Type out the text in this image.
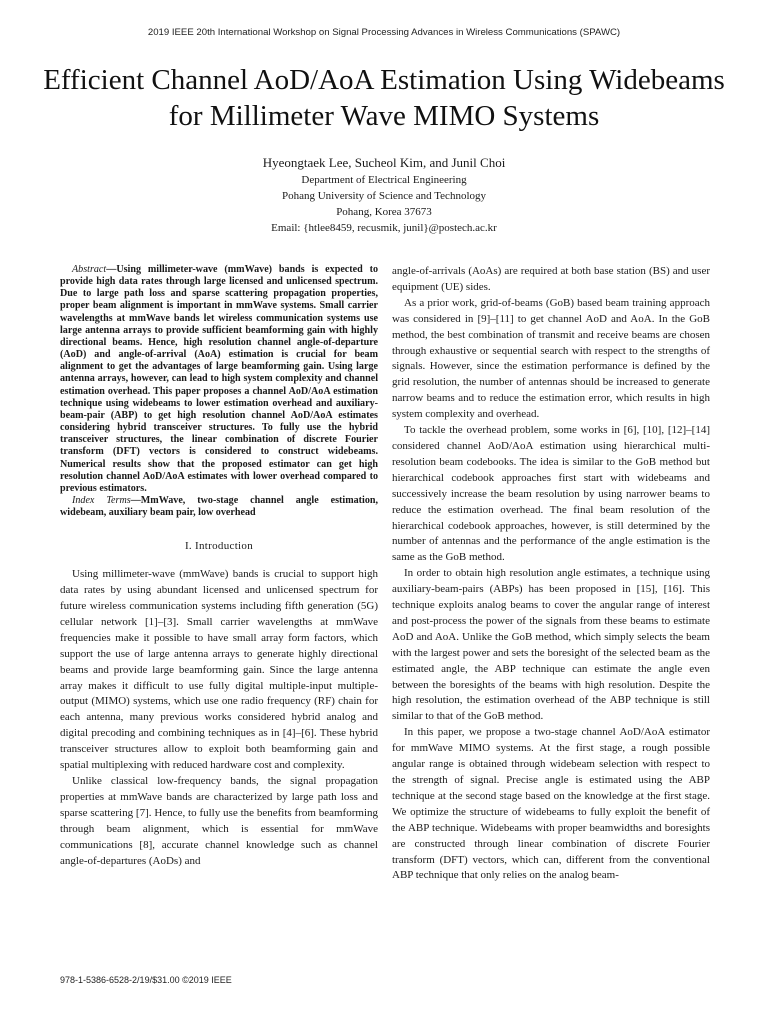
2019 IEEE 20th International Workshop on Signal Processing Advances in Wireless Communications (SPAWC)
Efficient Channel AoD/AoA Estimation Using Widebeams for Millimeter Wave MIMO Systems
Hyeongtaek Lee, Sucheol Kim, and Junil Choi
Department of Electrical Engineering
Pohang University of Science and Technology
Pohang, Korea 37673
Email: {htlee8459, recusmik, junil}@postech.ac.kr

Abstract—Using millimeter-wave (mmWave) bands is expected to provide high data rates through large licensed and unlicensed spectrum. Due to large path loss and sparse scattering propagation properties, proper beam alignment is important in mmWave systems. Small carrier wavelengths at mmWave bands let wireless communication systems use large antenna arrays to provide sufficient beamforming gain with highly directional beams. Hence, high resolution channel angle-of-departure (AoD) and angle-of-arrival (AoA) estimation is crucial for beam alignment to get the advantages of large beamforming gain. Using large antenna arrays, however, can lead to high system complexity and channel estimation overhead. This paper proposes a channel AoD/AoA estimation technique using widebeams to lower estimation overhead and auxiliary-beam-pair (ABP) to get high resolution channel AoD/AoA estimates considering hybrid transceiver structures. To fully use the hybrid transceiver structures, the linear combination of discrete Fourier transform (DFT) vectors is considered to construct widebeams. Numerical results show that the proposed estimator can get high resolution channel AoD/AoA estimates with lower overhead compared to previous estimators.

Index Terms—MmWave, two-stage channel angle estimation, widebeam, auxiliary beam pair, low overhead

I. Introduction

Using millimeter-wave (mmWave) bands is crucial to support high data rates by using abundant licensed and unlicensed spectrum for future wireless communication systems including fifth generation (5G) cellular network [1]–[3]. Small carrier wavelengths at mmWave frequencies make it possible to have small array form factors, which support the use of large antenna arrays to generate highly directional beams and provide large beamforming gain. Since the large antenna array makes it difficult to use fully digital multiple-input multiple-output (MIMO) systems, which use one radio frequency (RF) chain for each antenna, many previous works considered hybrid analog and digital precoding and combining techniques as in [4]–[6]. These hybrid transceiver structures allow to exploit both beamforming gain and spatial multiplexing with reduced hardware cost and complexity.

Unlike classical low-frequency bands, the signal propagation properties at mmWave bands are characterized by large path loss and sparse scattering [7]. Hence, to fully use the benefits from beamforming through beam alignment, which is essential for mmWave communications [8], accurate channel knowledge such as channel angle-of-departures (AoDs) and

angle-of-arrivals (AoAs) are required at both base station (BS) and user equipment (UE) sides.

As a prior work, grid-of-beams (GoB) based beam training approach was considered in [9]–[11] to get channel AoD and AoA. In the GoB method, the best combination of transmit and receive beams are chosen through exhaustive or sequential search with respect to the strengths of signals. However, since the estimation performance is defined by the grid resolution, the number of antennas should be increased to generate narrow beams and to reduce the estimation error, which results in high system complexity and overhead.

To tackle the overhead problem, some works in [6], [10], [12]–[14] considered channel AoD/AoA estimation using hierarchical multi-resolution beam codebooks. The idea is similar to the GoB method but hierarchical codebook approaches first start with widebeams and successively increase the beam resolution by using narrower beams to reduce the estimation overhead. The final beam resolution of the hierarchical codebook approaches, however, is still determined by the number of antennas and the performance of the angle estimation is the same as the GoB method.

In order to obtain high resolution angle estimates, a technique using auxiliary-beam-pairs (ABPs) has been proposed in [15], [16]. This technique exploits analog beams to cover the angular range of interest and post-process the power of the signals from these beams to estimate AoD and AoA. Unlike the GoB method, which simply selects the beam with the largest power and sets the boresight of the selected beam as the estimated angle, the ABP technique can estimate the angle even between the boresights of the beams with high resolution. Despite the high resolution, the estimation overhead of the ABP technique is still similar to that of the GoB method.

In this paper, we propose a two-stage channel AoD/AoA estimator for mmWave MIMO systems. At the first stage, a rough possible angular range is obtained through widebeam selection with respect to the strength of signal. Precise angle is estimated using the ABP technique at the second stage based on the knowledge at the first stage. We optimize the structure of widebeams to fully exploit the benefit of the ABP technique. Widebeams with proper beamwidths and boresights are constructed through linear combination of discrete Fourier transform (DFT) vectors, which can, different from the conventional ABP technique that only relies on the analog beam-

978-1-5386-6528-2/19/$31.00 ©2019 IEEE
